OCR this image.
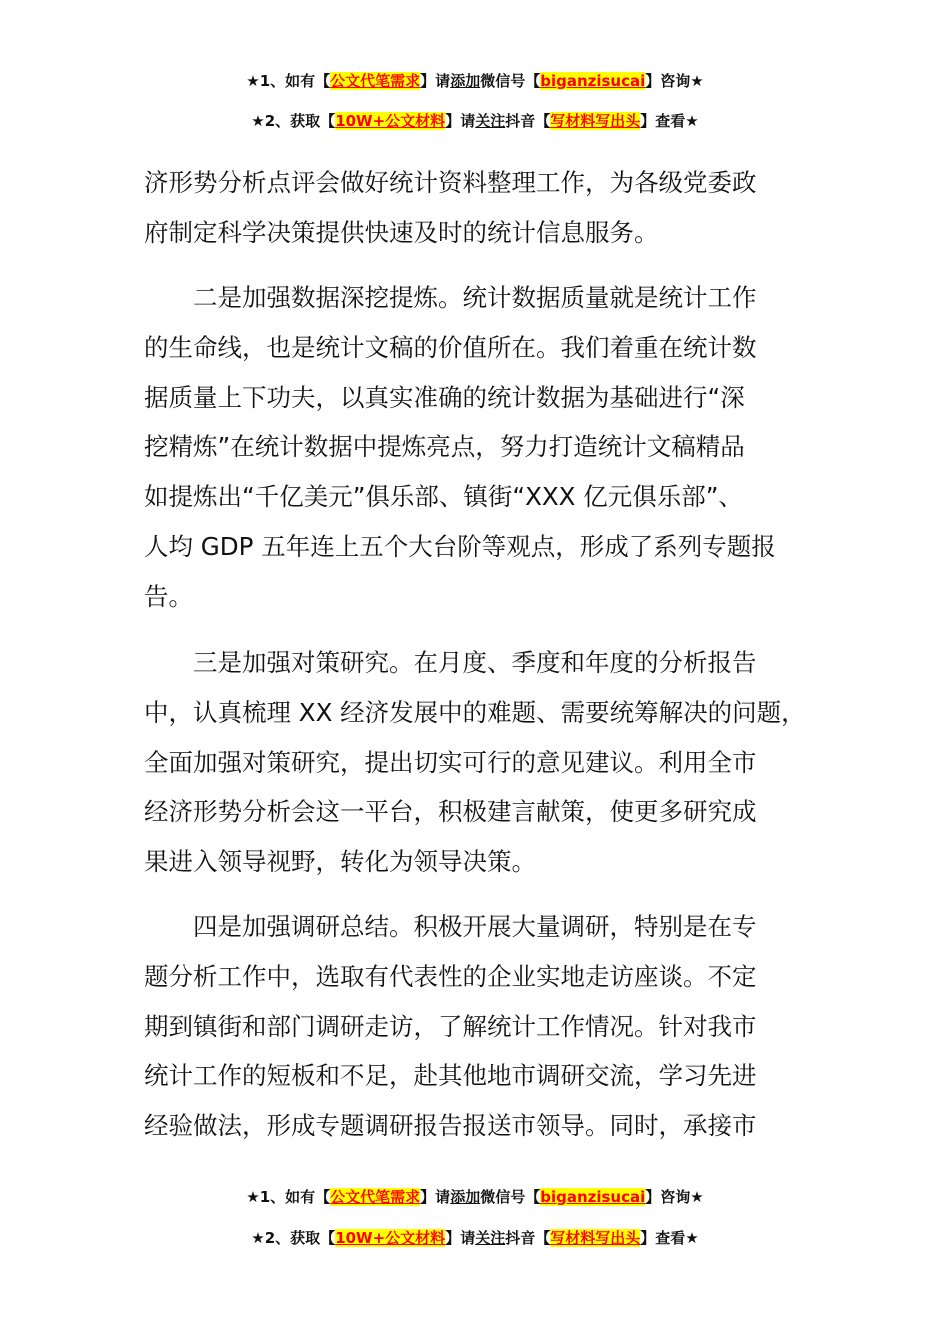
★1、如有【公文代笔需求】请添加微信号【biganzisucai】咨询★
★2、获取【10W+公文材料】请关注抖音【写材料写出头】查看★
济形势分析点评会做好统计资料整理工作，为各级党委政
府制定科学决策提供快速及时的统计信息服务。
　　二是加强数据深挖提炼。统计数据质量就是统计工作
的生命线，也是统计文稿的价值所在。我们着重在统计数
据质量上下功夫，以真实准确的统计数据为基础进行“深
挖精炼”在统计数据中提炼亮点，努力打造统计文稿精品
如提炼出“千亿美元”俱乐部、镇街“XXX 亿元俱乐部”、
人均 GDP 五年连上五个大台阶等观点，形成了系列专题报
告。
　　三是加强对策研究。在月度、季度和年度的分析报告
中，认真梳理 XX 经济发展中的难题、需要统筹解决的问题，
全面加强对策研究，提出切实可行的意见建议。利用全市
经济形势分析会这一平台，积极建言献策，使更多研究成
果进入领导视野，转化为领导决策。
　　四是加强调研总结。积极开展大量调研，特别是在专
题分析工作中，选取有代表性的企业实地走访座谈。不定
期到镇街和部门调研走访，了解统计工作情况。针对我市
统计工作的短板和不足，赴其他地市调研交流，学习先进
经验做法，形成专题调研报告报送市领导。同时，承接市
★1、如有【公文代笔需求】请添加微信号【biganzisucai】咨询★
★2、获取【10W+公文材料】请关注抖音【写材料写出头】查看★
